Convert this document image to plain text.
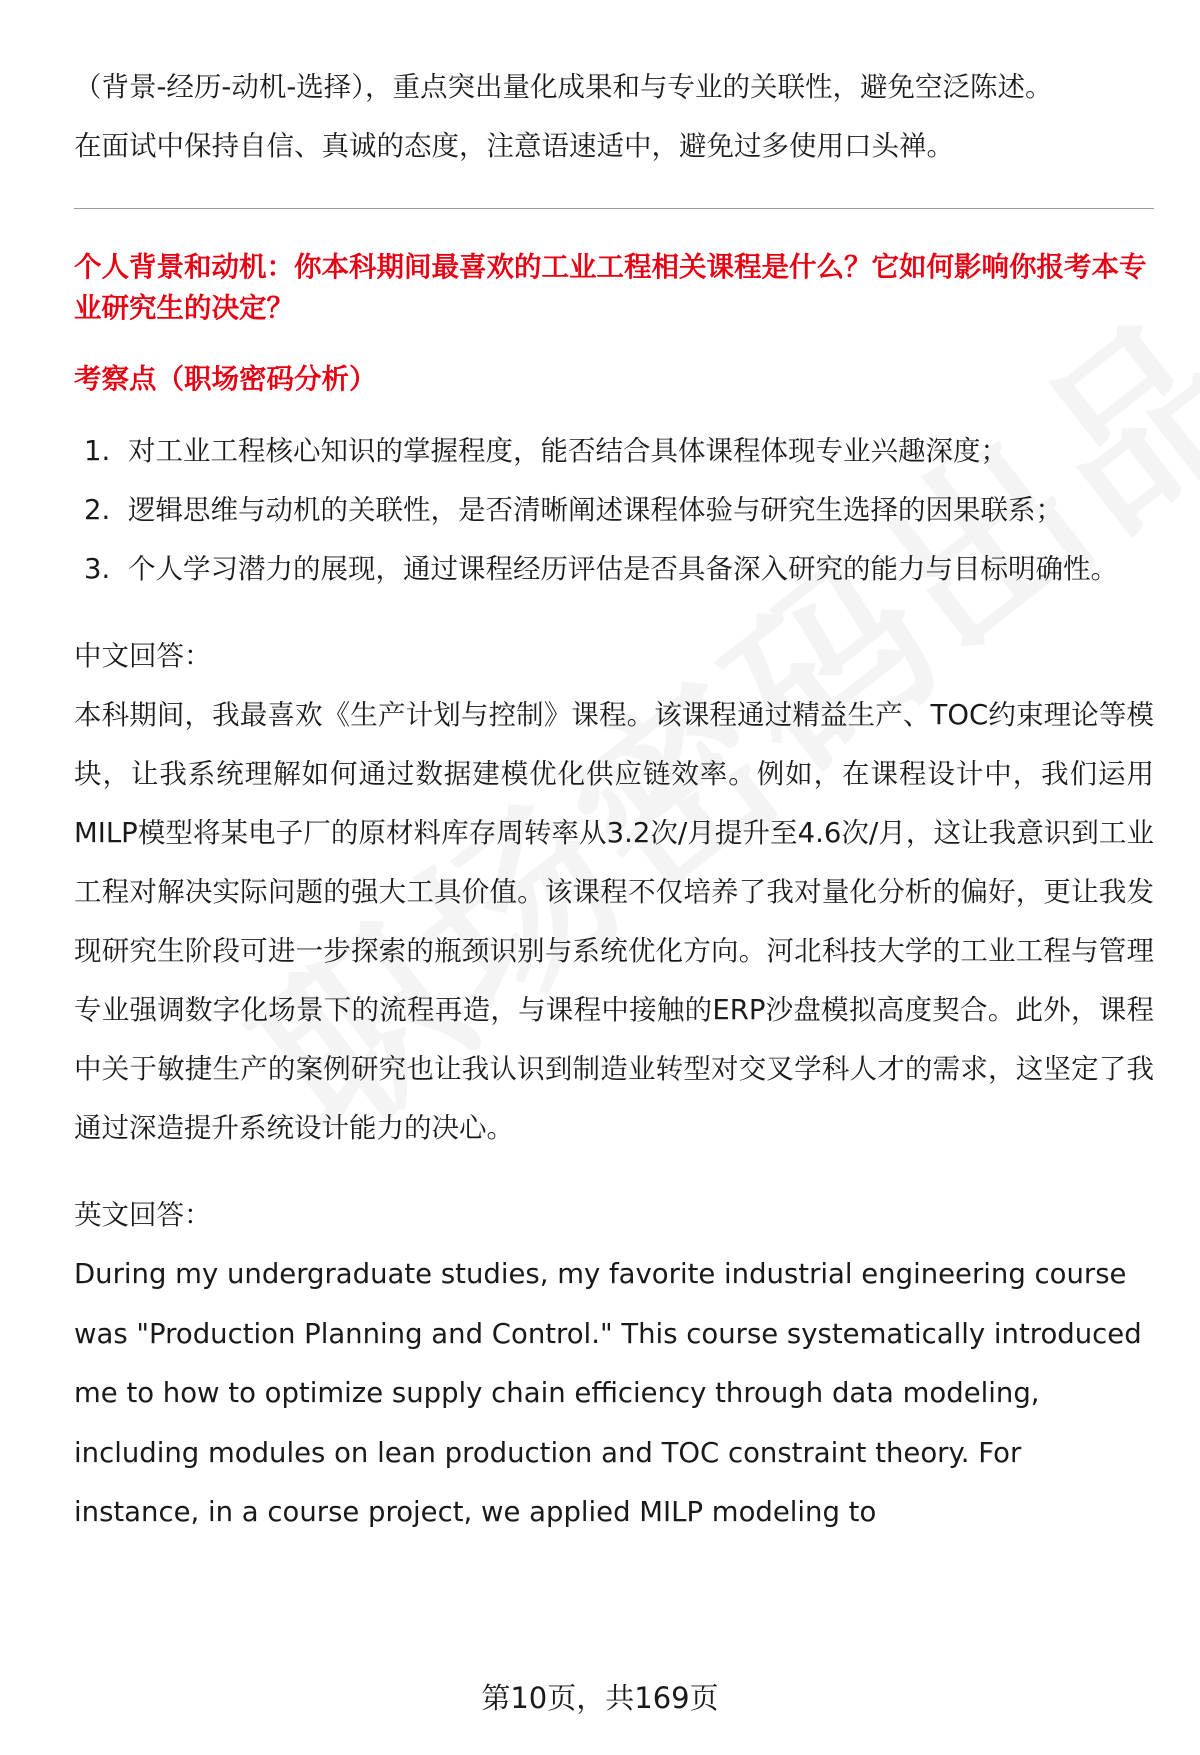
（背景-经历-动机-选择），重点突出量化成果和与专业的关联性，避免空泛陈述。

在面试中保持自信、真诚的态度，注意语速适中，避免过多使用口头禅。

个人背景和动机：你本科期间最喜欢的工业工程相关课程是什么？它如何影响你报考本专业研究生的决定？

考察点（职场密码分析）

1. 对工业工程核心知识的掌握程度，能否结合具体课程体现专业兴趣深度；
2. 逻辑思维与动机的关联性，是否清晰阐述课程体验与研究生选择的因果联系；
3. 个人学习潜力的展现，通过课程经历评估是否具备深入研究的能力与目标明确性。

中文回答：

本科期间，我最喜欢《生产计划与控制》课程。该课程通过精益生产、TOC约束理论等模块，让我系统理解如何通过数据建模优化供应链效率。例如，在课程设计中，我们运用MILP模型将某电子厂的原材料库存周转率从3.2次/月提升至4.6次/月，这让我意识到工业工程对解决实际问题的强大工具价值。该课程不仅培养了我对量化分析的偏好，更让我发现研究生阶段可进一步探索的瓶颈识别与系统优化方向。河北科技大学的工业工程与管理专业强调数字化场景下的流程再造，与课程中接触的ERP沙盘模拟高度契合。此外，课程中关于敏捷生产的案例研究也让我认识到制造业转型对交叉学科人才的需求，这坚定了我通过深造提升系统设计能力的决心。

英文回答：

During my undergraduate studies, my favorite industrial engineering course was "Production Planning and Control." This course systematically introduced me to how to optimize supply chain efficiency through data modeling, including modules on lean production and TOC constraint theory. For instance, in a course project, we applied MILP modeling to

第10页，共169页
